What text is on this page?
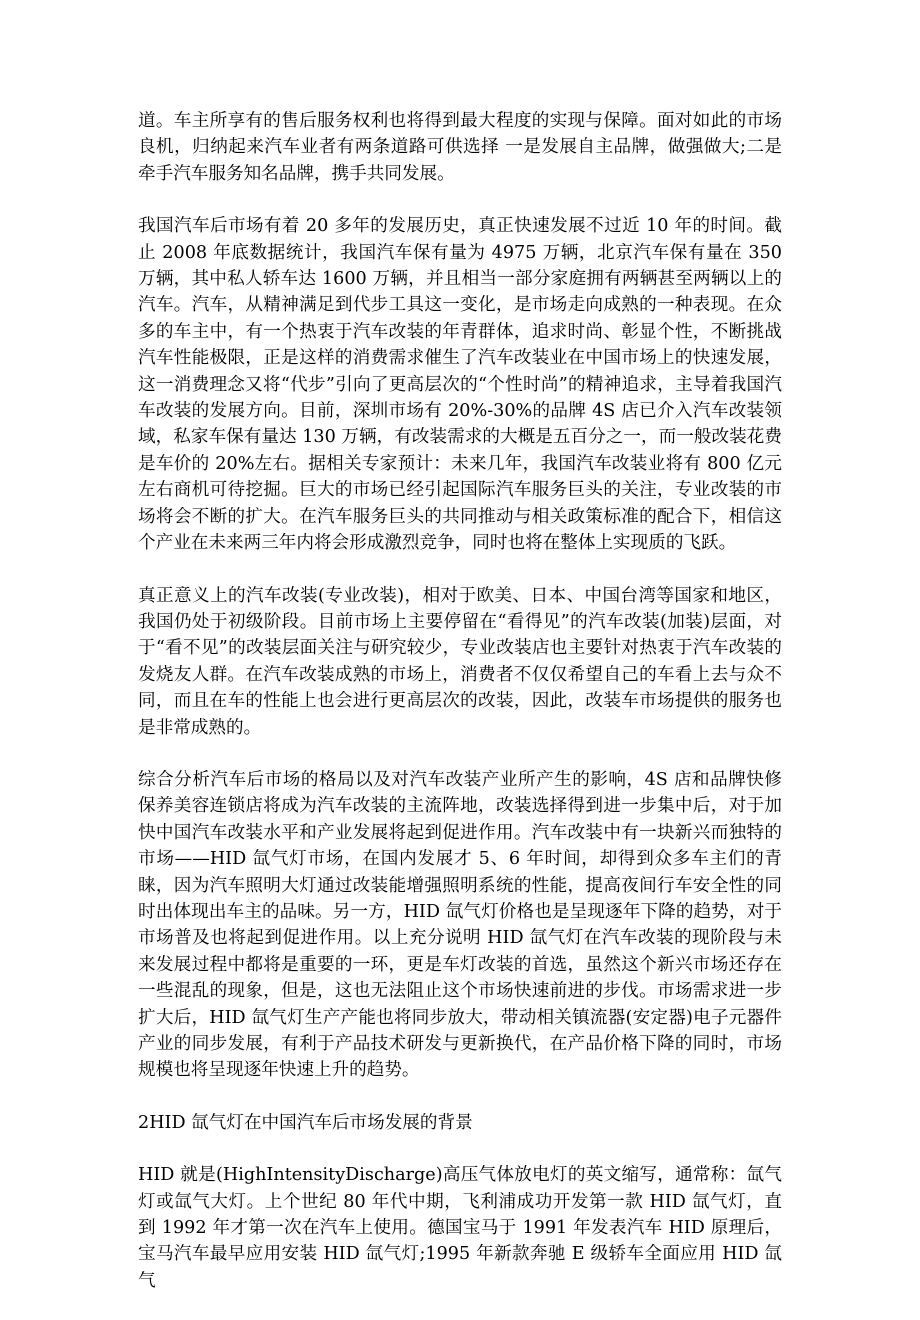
道。车主所享有的售后服务权利也将得到最大程度的实现与保障。面对如此的市场良机，归纳起来汽车业者有两条道路可供选择 一是发展自主品牌，做强做大;二是牵手汽车服务知名品牌，携手共同发展。

我国汽车后市场有着 20 多年的发展历史，真正快速发展不过近 10 年的时间。截止 2008 年底数据统计，我国汽车保有量为 4975 万辆，北京汽车保有量在 350 万辆，其中私人轿车达 1600 万辆，并且相当一部分家庭拥有两辆甚至两辆以上的汽车。汽车，从精神满足到代步工具这一变化，是市场走向成熟的一种表现。在众多的车主中，有一个热衷于汽车改装的年青群体，追求时尚、彰显个性，不断挑战汽车性能极限，正是这样的消费需求催生了汽车改装业在中国市场上的快速发展，这一消费理念又将“代步”引向了更高层次的“个性时尚”的精神追求，主导着我国汽车改装的发展方向。目前，深圳市场有 20%-30%的品牌 4S 店已介入汽车改装领域，私家车保有量达 130 万辆，有改装需求的大概是五百分之一，而一般改装花费是车价的 20%左右。据相关专家预计：未来几年，我国汽车改装业将有 800 亿元左右商机可待挖掘。巨大的市场已经引起国际汽车服务巨头的关注，专业改装的市场将会不断的扩大。在汽车服务巨头的共同推动与相关政策标准的配合下，相信这个产业在未来两三年内将会形成激烈竞争，同时也将在整体上实现质的飞跃。

真正意义上的汽车改装(专业改装)，相对于欧美、日本、中国台湾等国家和地区，我国仍处于初级阶段。目前市场上主要停留在“看得见”的汽车改装(加装)层面，对于“看不见”的改装层面关注与研究较少，专业改装店也主要针对热衷于汽车改装的发烧友人群。在汽车改装成熟的市场上，消费者不仅仅希望自己的车看上去与众不同，而且在车的性能上也会进行更高层次的改装，因此，改装车市场提供的服务也是非常成熟的。

综合分析汽车后市场的格局以及对汽车改装产业所产生的影响，4S 店和品牌快修保养美容连锁店将成为汽车改装的主流阵地，改装选择得到进一步集中后，对于加快中国汽车改装水平和产业发展将起到促进作用。汽车改装中有一块新兴而独特的市场——HID 氙气灯市场，在国内发展才 5、6 年时间，却得到众多车主们的青睐，因为汽车照明大灯通过改装能增强照明系统的性能，提高夜间行车安全性的同时出体现出车主的品味。另一方，HID 氙气灯价格也是呈现逐年下降的趋势，对于市场普及也将起到促进作用。以上充分说明 HID 氙气灯在汽车改装的现阶段与未来发展过程中都将是重要的一环，更是车灯改装的首选，虽然这个新兴市场还存在一些混乱的现象，但是，这也无法阻止这个市场快速前进的步伐。市场需求进一步扩大后，HID 氙气灯生产产能也将同步放大，带动相关镇流器(安定器)电子元器件产业的同步发展，有利于产品技术研发与更新换代，在产品价格下降的同时，市场规模也将呈现逐年快速上升的趋势。

2HID 氙气灯在中国汽车后市场发展的背景

HID 就是(HighIntensityDischarge)高压气体放电灯的英文缩写，通常称：氙气灯或氙气大灯。上个世纪 80 年代中期，飞利浦成功开发第一款 HID 氙气灯，直到 1992 年才第一次在汽车上使用。德国宝马于 1991 年发表汽车 HID 原理后，宝马汽车最早应用安装 HID 氙气灯;1995 年新款奔驰 E 级轿车全面应用 HID 氙气
